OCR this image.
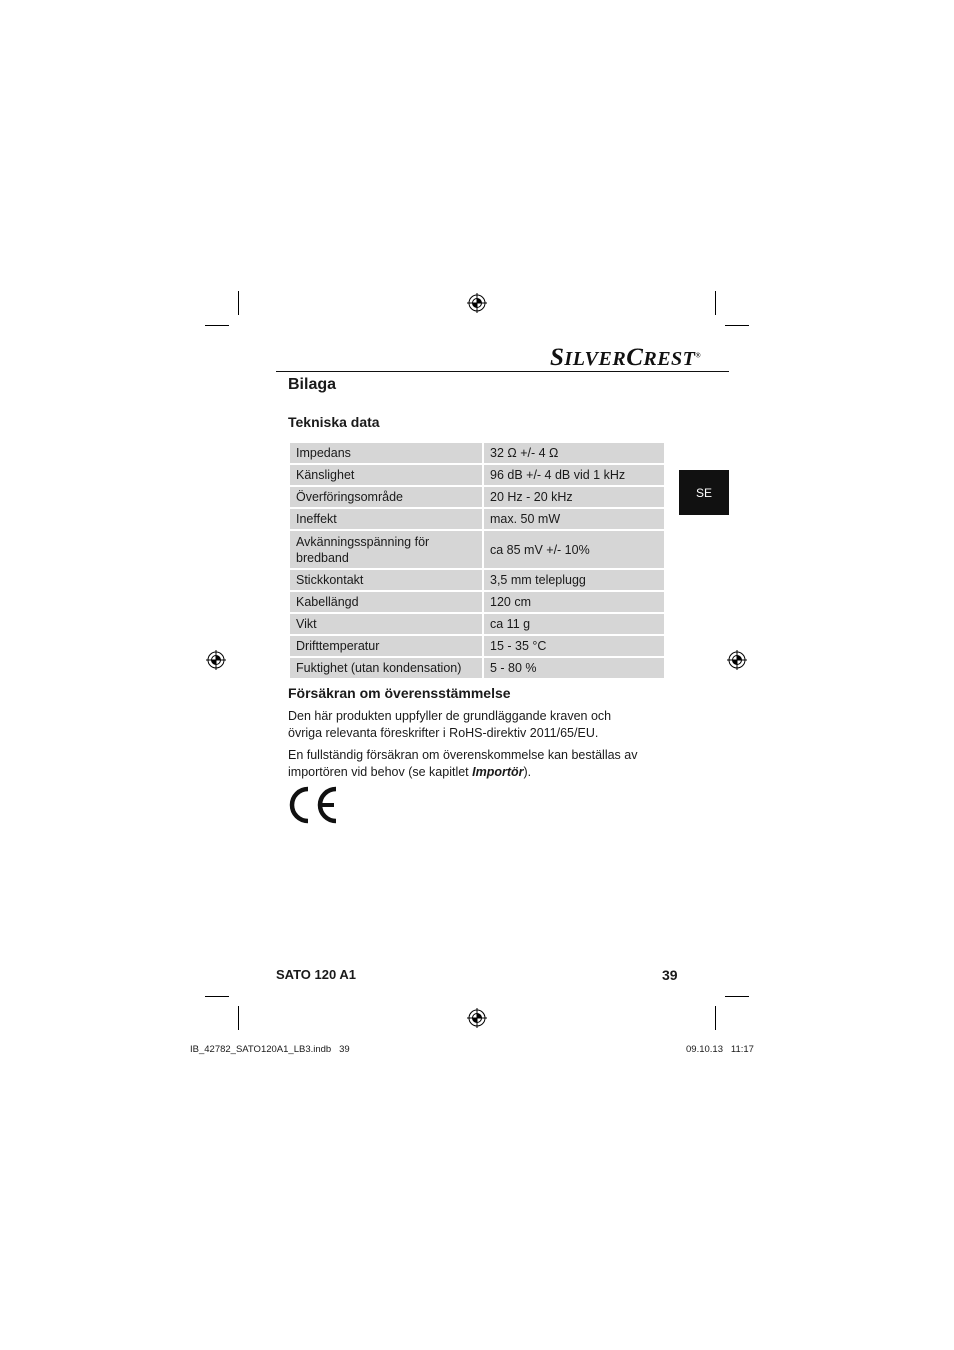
SILVERCREST®
Bilaga
SE
Tekniska data
Impedans	32 Ω +/- 4 Ω
Känslighet	96 dB +/- 4 dB vid 1 kHz
Överföringsområde	20 Hz - 20 kHz
Ineffekt	max. 50 mW
Avkänningsspänning för bredband	ca 85 mV +/- 10%
Stickkontakt	3,5 mm teleplugg
Kabellängd	120 cm
Vikt	ca 11 g
Drifttemperatur	15 - 35 °C
Fuktighet (utan kondensation)	5 - 80 %
Försäkran om överensstämmelse
Den här produkten uppfyller de grundläggande kraven och övriga relevanta föreskrifter i RoHS-direktiv 2011/65/EU.
En fullständig försäkran om överenskommelse kan beställas av importören vid behov (se kapitlet Importör).
SATO 120 A1	39
IB_42782_SATO120A1_LB3.indb   39	09.10.13   11:17
